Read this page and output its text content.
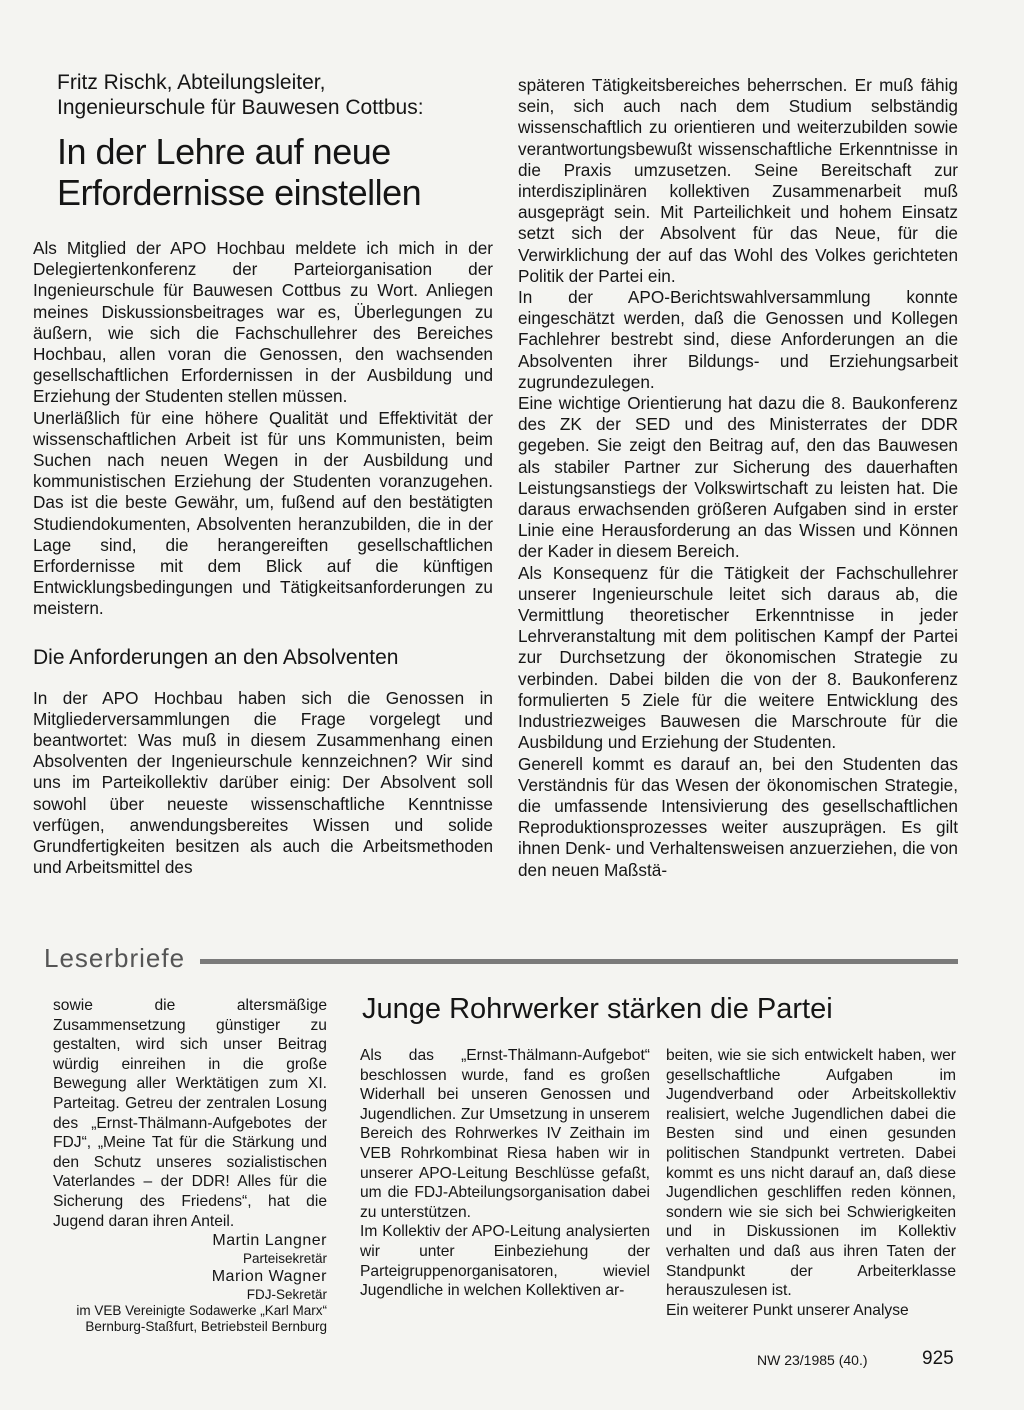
Fritz Rischk, Abteilungsleiter,
Ingenieurschule für Bauwesen Cottbus:
In der Lehre auf neue
Erfordernisse einstellen

Als Mitglied der APO Hochbau meldete ich mich in der Delegiertenkonferenz der Parteiorganisation der Ingenieurschule für Bauwesen Cottbus zu Wort. Anliegen meines Diskussionsbeitrages war es, Überlegungen zu äußern, wie sich die Fachschullehrer des Bereiches Hochbau, allen voran die Genossen, den wachsenden gesellschaftlichen Erfordernissen in der Ausbildung und Erziehung der Studenten stellen müssen.

Unerläßlich für eine höhere Qualität und Effektivität der wissenschaftlichen Arbeit ist für uns Kommunisten, beim Suchen nach neuen Wegen in der Ausbildung und kommunistischen Erziehung der Studenten voranzugehen. Das ist die beste Gewähr, um, fußend auf den bestätigten Studiendokumenten, Absolventen heranzubilden, die in der Lage sind, die herangereiften gesellschaftlichen Erfordernisse mit dem Blick auf die künftigen Entwicklungsbedingungen und Tätigkeitsanforderungen zu meistern.

Die Anforderungen an den Absolventen

In der APO Hochbau haben sich die Genossen in Mitgliederversammlungen die Frage vorgelegt und beantwortet: Was muß in diesem Zusammenhang einen Absolventen der Ingenieurschule kennzeichnen? Wir sind uns im Parteikollektiv darüber einig: Der Absolvent soll sowohl über neueste wissenschaftliche Kenntnisse verfügen, anwendungsbereites Wissen und solide Grundfertigkeiten besitzen als auch die Arbeitsmethoden und Arbeitsmittel des

späteren Tätigkeitsbereiches beherrschen. Er muß fähig sein, sich auch nach dem Studium selbständig wissenschaftlich zu orientieren und weiterzubilden sowie verantwortungsbewußt wissenschaftliche Erkenntnisse in die Praxis umzusetzen. Seine Bereitschaft zur interdisziplinären kollektiven Zusammenarbeit muß ausgeprägt sein. Mit Parteilichkeit und hohem Einsatz setzt sich der Absolvent für das Neue, für die Verwirklichung der auf das Wohl des Volkes gerichteten Politik der Partei ein.

In der APO-Berichtswahlversammlung konnte eingeschätzt werden, daß die Genossen und Kollegen Fachlehrer bestrebt sind, diese Anforderungen an die Absolventen ihrer Bildungs- und Erziehungsarbeit zugrundezulegen.

Eine wichtige Orientierung hat dazu die 8. Baukonferenz des ZK der SED und des Ministerrates der DDR gegeben. Sie zeigt den Beitrag auf, den das Bauwesen als stabiler Partner zur Sicherung des dauerhaften Leistungsanstiegs der Volkswirtschaft zu leisten hat. Die daraus erwachsenden größeren Aufgaben sind in erster Linie eine Herausforderung an das Wissen und Können der Kader in diesem Bereich.

Als Konsequenz für die Tätigkeit der Fachschullehrer unserer Ingenieurschule leitet sich daraus ab, die Vermittlung theoretischer Erkenntnisse in jeder Lehrveranstaltung mit dem politischen Kampf der Partei zur Durchsetzung der ökonomischen Strategie zu verbinden. Dabei bilden die von der 8. Baukonferenz formulierten 5 Ziele für die weitere Entwicklung des Industriezweiges Bauwesen die Marschroute für die Ausbildung und Erziehung der Studenten.

Generell kommt es darauf an, bei den Studenten das Verständnis für das Wesen der ökonomischen Strategie, die umfassende Intensivierung des gesellschaftlichen Reproduktionsprozesses weiter auszuprägen. Es gilt ihnen Denk- und Verhaltensweisen anzuerziehen, die von den neuen Maßstä-

Leserbriefe

sowie die altersmäßige Zusammensetzung günstiger zu gestalten, wird sich unser Beitrag würdig einreihen in die große Bewegung aller Werktätigen zum XI. Parteitag. Getreu der zentralen Losung des „Ernst-Thälmann-Aufgebotes der FDJ“, „Meine Tat für die Stärkung und den Schutz unseres sozialistischen Vaterlandes – der DDR! Alles für die Sicherung des Friedens“, hat die Jugend daran ihren Anteil.

Martin Langner
Parteisekretär
Marion Wagner
FDJ-Sekretär
im VEB Vereinigte Sodawerke „Karl Marx“
Bernburg-Staßfurt, Betriebsteil Bernburg
Junge Rohrwerker stärken die Partei

Als das „Ernst-Thälmann-Aufgebot“ beschlossen wurde, fand es großen Widerhall bei unseren Genossen und Jugendlichen. Zur Umsetzung in unserem Bereich des Rohrwerkes IV Zeithain im VEB Rohrkombinat Riesa haben wir in unserer APO-Leitung Beschlüsse gefaßt, um die FDJ-Abteilungsorganisation dabei zu unterstützen.

Im Kollektiv der APO-Leitung analysierten wir unter Einbeziehung der Parteigruppenorganisatoren, wieviel Jugendliche in welchen Kollektiven ar-

beiten, wie sie sich entwickelt haben, wer gesellschaftliche Aufgaben im Jugendverband oder Arbeitskollektiv realisiert, welche Jugendlichen dabei die Besten sind und einen gesunden politischen Standpunkt vertreten. Dabei kommt es uns nicht darauf an, daß diese Jugendlichen geschliffen reden können, sondern wie sie sich bei Schwierigkeiten und in Diskussionen im Kollektiv verhalten und daß aus ihren Taten der Standpunkt der Arbeiterklasse herauszulesen ist.

Ein weiterer Punkt unserer Analyse

NW 23/1985 (40.)	925
